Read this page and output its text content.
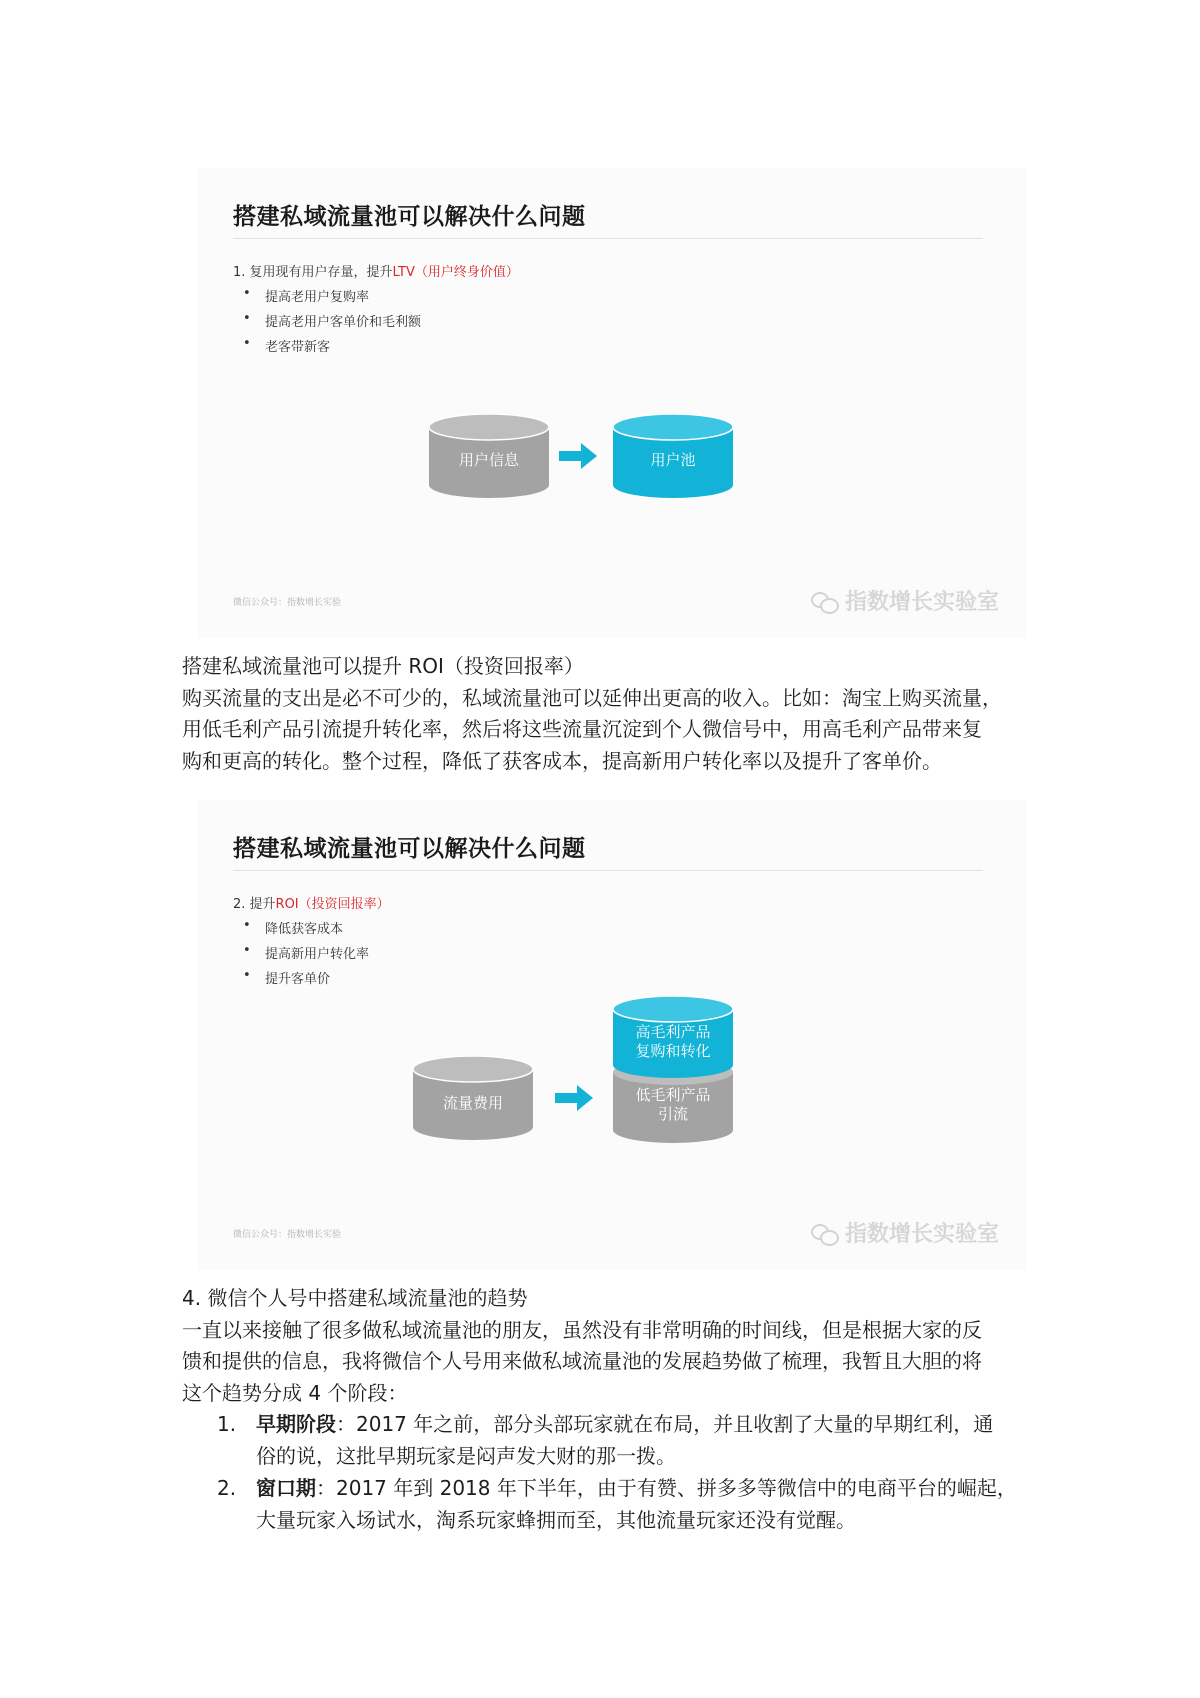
搭建私域流量池可以解决什么问题
1. 复用现有用户存量，提升LTV（用户终身价值）
• 提高老用户复购率
• 提高老用户客单价和毛利额
• 老客带新客
用户信息	用户池
微信公众号：指数增长实验	指数增长实验室

搭建私域流量池可以提升 ROI（投资回报率）

购买流量的支出是必不可少的，私域流量池可以延伸出更高的收入。比如：淘宝上购买流量，

用低毛利产品引流提升转化率，然后将这些流量沉淀到个人微信号中，用高毛利产品带来复

购和更高的转化。整个过程，降低了获客成本，提高新用户转化率以及提升了客单价。

搭建私域流量池可以解决什么问题
2. 提升ROI（投资回报率）
• 降低获客成本
• 提高新用户转化率
• 提升客单价
流量费用
高毛利产品
复购和转化
低毛利产品
引流
微信公众号：指数增长实验	指数增长实验室

4. 微信个人号中搭建私域流量池的趋势

一直以来接触了很多做私域流量池的朋友，虽然没有非常明确的时间线，但是根据大家的反

馈和提供的信息，我将微信个人号用来做私域流量池的发展趋势做了梳理，我暂且大胆的将

这个趋势分成 4 个阶段：

1. 早期阶段：2017 年之前，部分头部玩家就在布局，并且收割了大量的早期红利，通
俗的说，这批早期玩家是闷声发大财的那一拨。
2. 窗口期：2017 年到 2018 年下半年，由于有赞、拼多多等微信中的电商平台的崛起，
大量玩家入场试水，淘系玩家蜂拥而至，其他流量玩家还没有觉醒。
